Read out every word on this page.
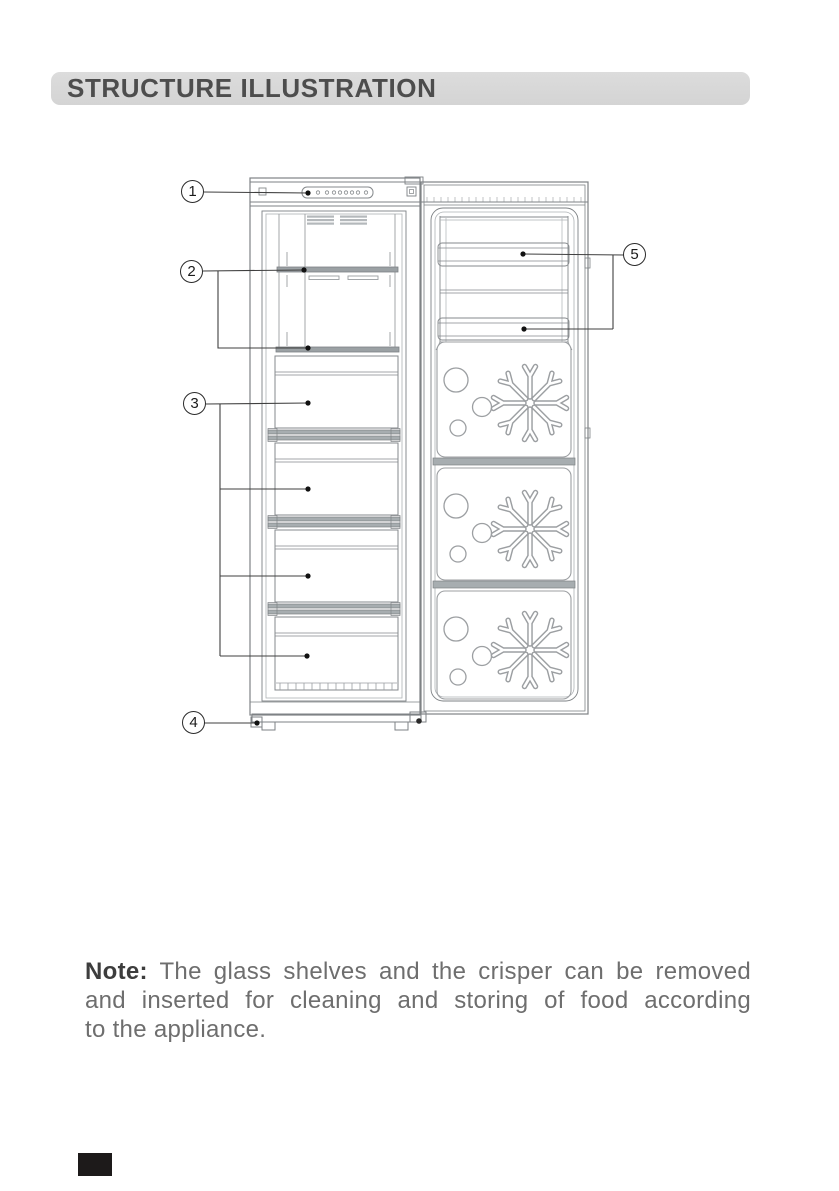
STRUCTURE ILLUSTRATION
1
2
3
4
5
Note: The glass shelves and the crisper can be removed
and inserted for cleaning and storing of food according
to the appliance.
